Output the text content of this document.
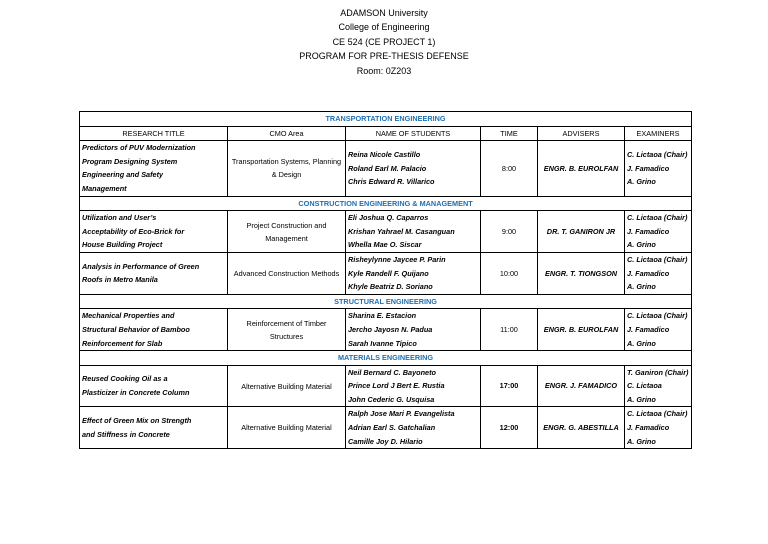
ADAMSON University
College of Engineering
CE 524 (CE PROJECT 1)
PROGRAM FOR PRE-THESIS DEFENSE
Room: 0Z203
TRANSPORTATION ENGINEERING					
RESEARCH TITLE	CMO Area	NAME OF STUDENTS	TIME	ADVISERS	EXAMINERS

Predictors of PUV Modernization
Program Designing System
Engineering and Safety
Management	Transportation Systems, Planning & Design	Reina Nicole Castillo
Roland Earl M. Palacio
Chris Edward R. Villarico	8:00	ENGR. B. EUROLFAN	C. Lictaoa (Chair)
J. Famadico
A. Grino

CONSTRUCTION ENGINEERING & MANAGEMENT					

Utilization and User’s
Acceptability of Eco-Brick for
House Building Project	Project Construction and Management	Eli Joshua Q. Caparros
Krishan Yahrael M. Casanguan
Whella Mae O. Siscar	9:00	DR. T. GANIRON JR	C. Lictaoa (Chair)
J. Famadico
A. Grino

Analysis in Performance of Green
Roofs in Metro Manila	Advanced Construction Methods	Risheylynne Jaycee P. Parin
Kyle Randell F. Quijano
Khyle Beatriz D. Soriano	10:00	ENGR. T. TIONGSON	C. Lictaoa (Chair)
J. Famadico
A. Grino

STRUCTURAL ENGINEERING					

Mechanical Properties and
Structural Behavior of Bamboo
Reinforcement for Slab	Reinforcement of Timber Structures	Sharina E. Estacion
Jercho Jayosn N. Padua
Sarah Ivanne Tipico	11:00	ENGR. B. EUROLFAN	C. Lictaoa (Chair)
J. Famadico
A. Grino

MATERIALS ENGINEERING					

Reused Cooking Oil as a
Plasticizer in Concrete Column	Alternative Building Material	Neil Bernard C. Bayoneto
Prince Lord J Bert E. Rustia
John Cederic G. Usquisa	17:00	ENGR. J. FAMADICO	T. Ganiron (Chair)
C. Lictaoa
A. Grino

Effect of Green Mix on Strength
and Stiffness in Concrete	Alternative Building Material	Ralph Jose Mari P. Evangelista
Adrian Earl S. Gatchalian
Camille Joy D. Hilario	12:00	ENGR. G. ABESTILLA	C. Lictaoa (Chair)
J. Famadico
A. Grino
